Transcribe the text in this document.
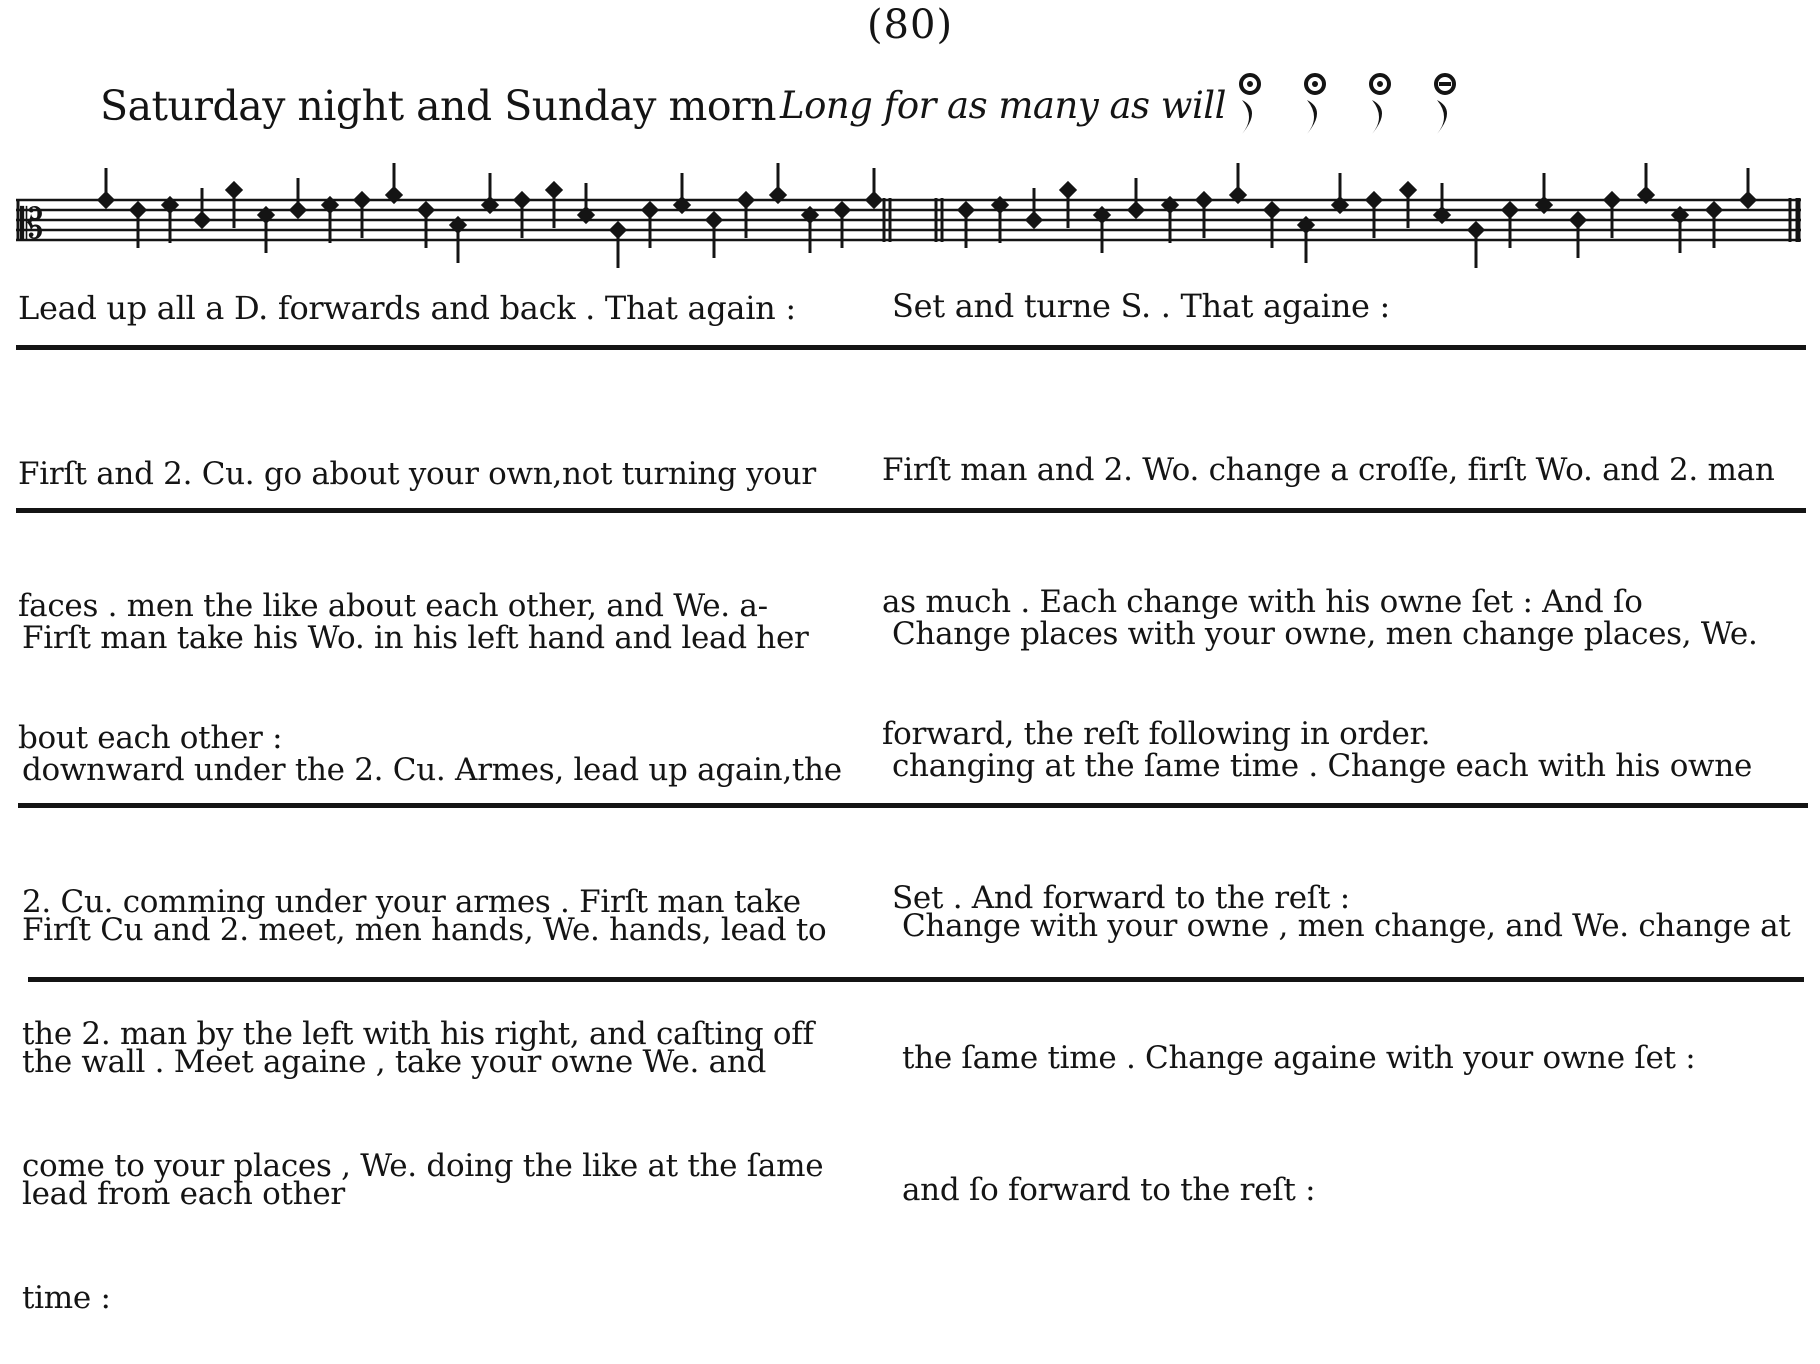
(80)
Saturday night and Sunday morn Long for as many as will
𝄡
Lead up all a D. forwards and back . That again :	Set and turne S. . That againe :

Firſt and 2. Cu. go about your own,not turning your

faces . men the like about each other, and We. a-

bout each other :

Firſt man and 2. Wo. change a croſſe, firſt Wo. and 2. man

as much . Each change with his owne ſet : And ſo

forward, the reſt following in order.

Firſt man take his Wo. in his left hand and lead her

downward under the 2. Cu. Armes, lead up again,the

2. Cu. comming under your armes . Firſt man take

the 2. man by the left with his right, and caſting off

come to your places , We. doing the like at the ſame

time :

Change places with your owne, men change places, We.

changing at the ſame time . Change each with his owne

Set . And forward to the reſt :

Firſt Cu and 2. meet, men hands, We. hands, lead to

the wall . Meet againe , take your owne We. and

lead from each other

Change with your owne , men change, and We. change at

the ſame time . Change againe with your owne ſet :

and ſo forward to the reſt :
